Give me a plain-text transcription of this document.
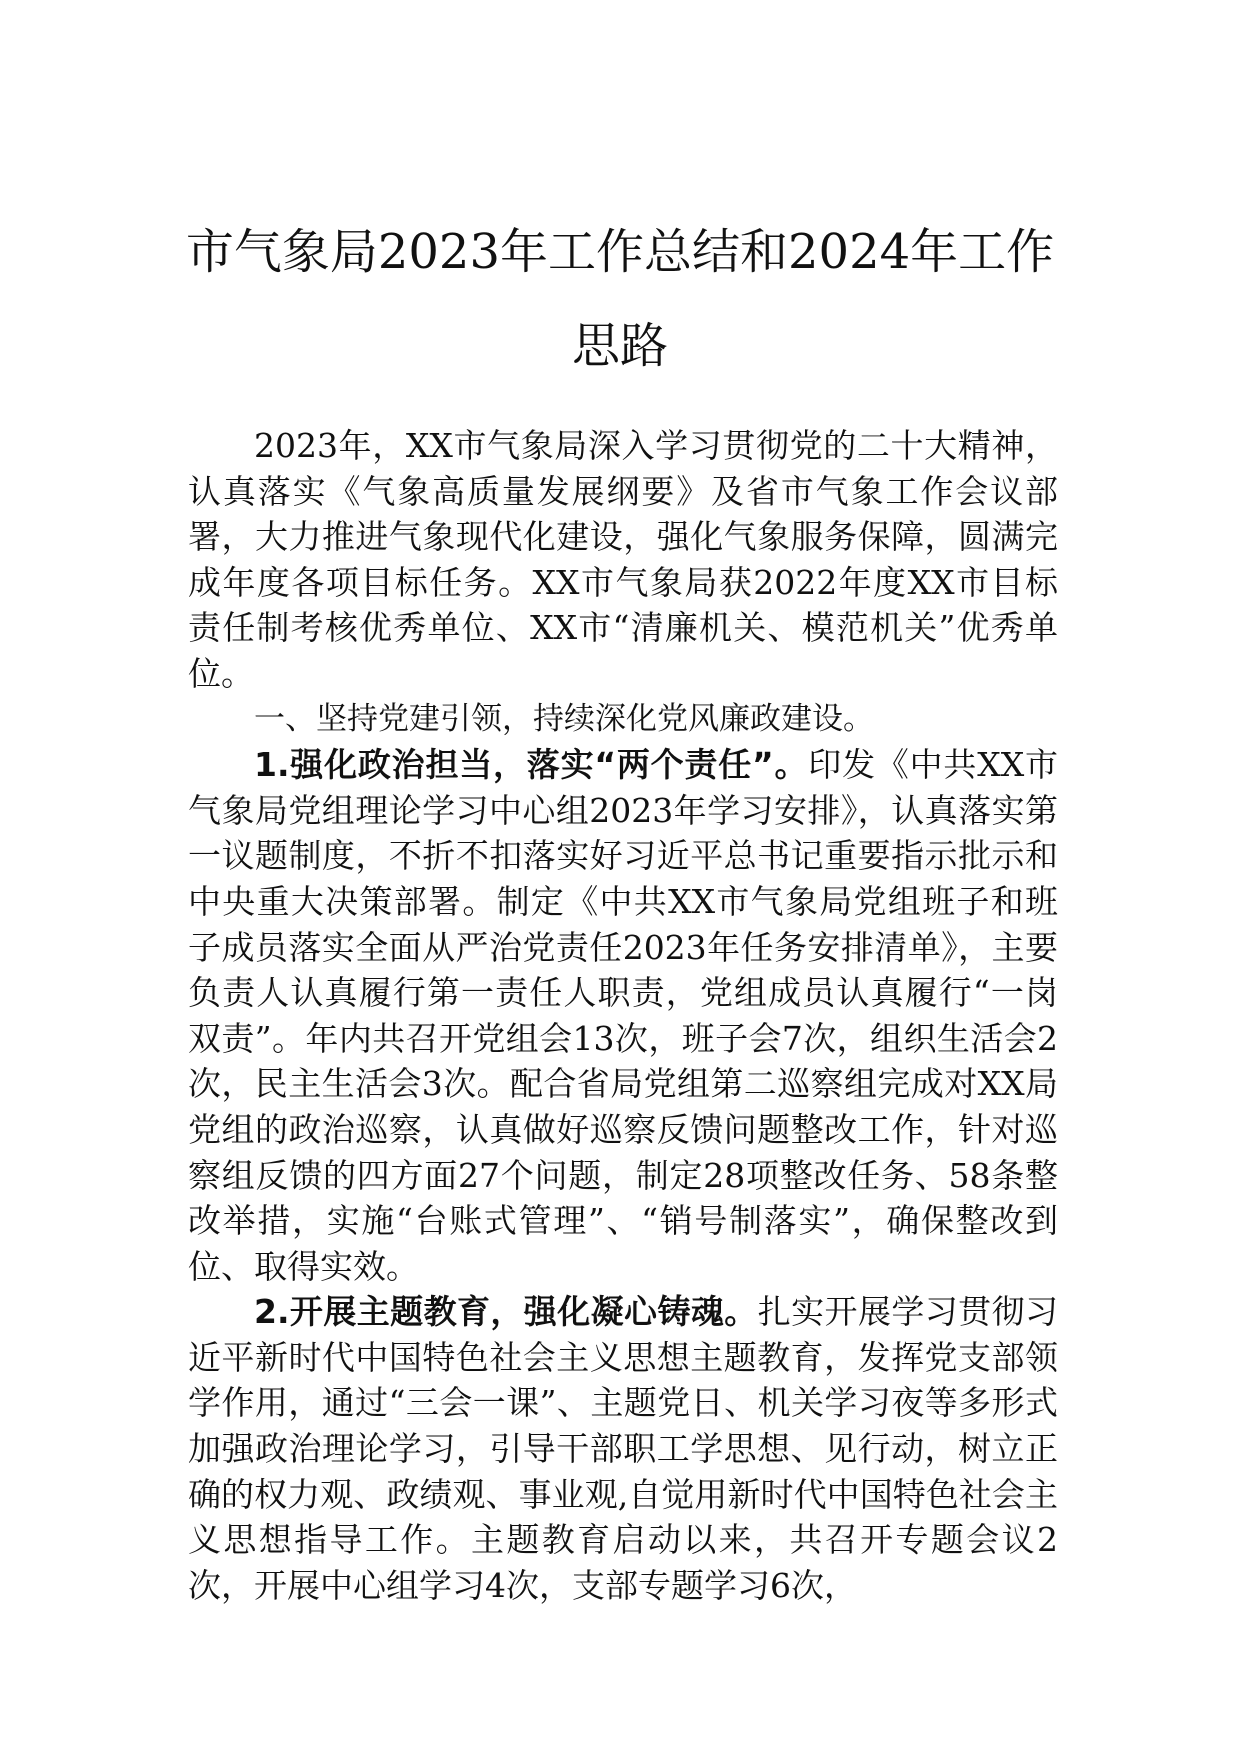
市气象局2023年工作总结和2024年工作思路

2023年，XX市气象局深入学习贯彻党的二十大精神，认真落实《气象高质量发展纲要》及省市气象工作会议部署，大力推进气象现代化建设，强化气象服务保障，圆满完成年度各项目标任务。XX市气象局获2022年度XX市目标责任制考核优秀单位、XX市“清廉机关、模范机关”优秀单位。

一、坚持党建引领，持续深化党风廉政建设。

1.强化政治担当，落实“两个责任”。印发《中共XX市气象局党组理论学习中心组2023年学习安排》，认真落实第一议题制度，不折不扣落实好习近平总书记重要指示批示和中央重大决策部署。制定《中共XX市气象局党组班子和班子成员落实全面从严治党责任2023年任务安排清单》，主要负责人认真履行第一责任人职责，党组成员认真履行“一岗双责”。年内共召开党组会13次，班子会7次，组织生活会2次，民主生活会3次。配合省局党组第二巡察组完成对XX局党组的政治巡察，认真做好巡察反馈问题整改工作，针对巡察组反馈的四方面27个问题，制定28项整改任务、58条整改举措，实施“台账式管理”、“销号制落实”，确保整改到位、取得实效。

2.开展主题教育，强化凝心铸魂。扎实开展学习贯彻习近平新时代中国特色社会主义思想主题教育，发挥党支部领学作用，通过“三会一课”、主题党日、机关学习夜等多形式加强政治理论学习，引导干部职工学思想、见行动，树立正确的权力观、政绩观、事业观,自觉用新时代中国特色社会主义思想指导工作。主题教育启动以来，共召开专题会议2次，开展中心组学习4次，支部专题学习6次，
